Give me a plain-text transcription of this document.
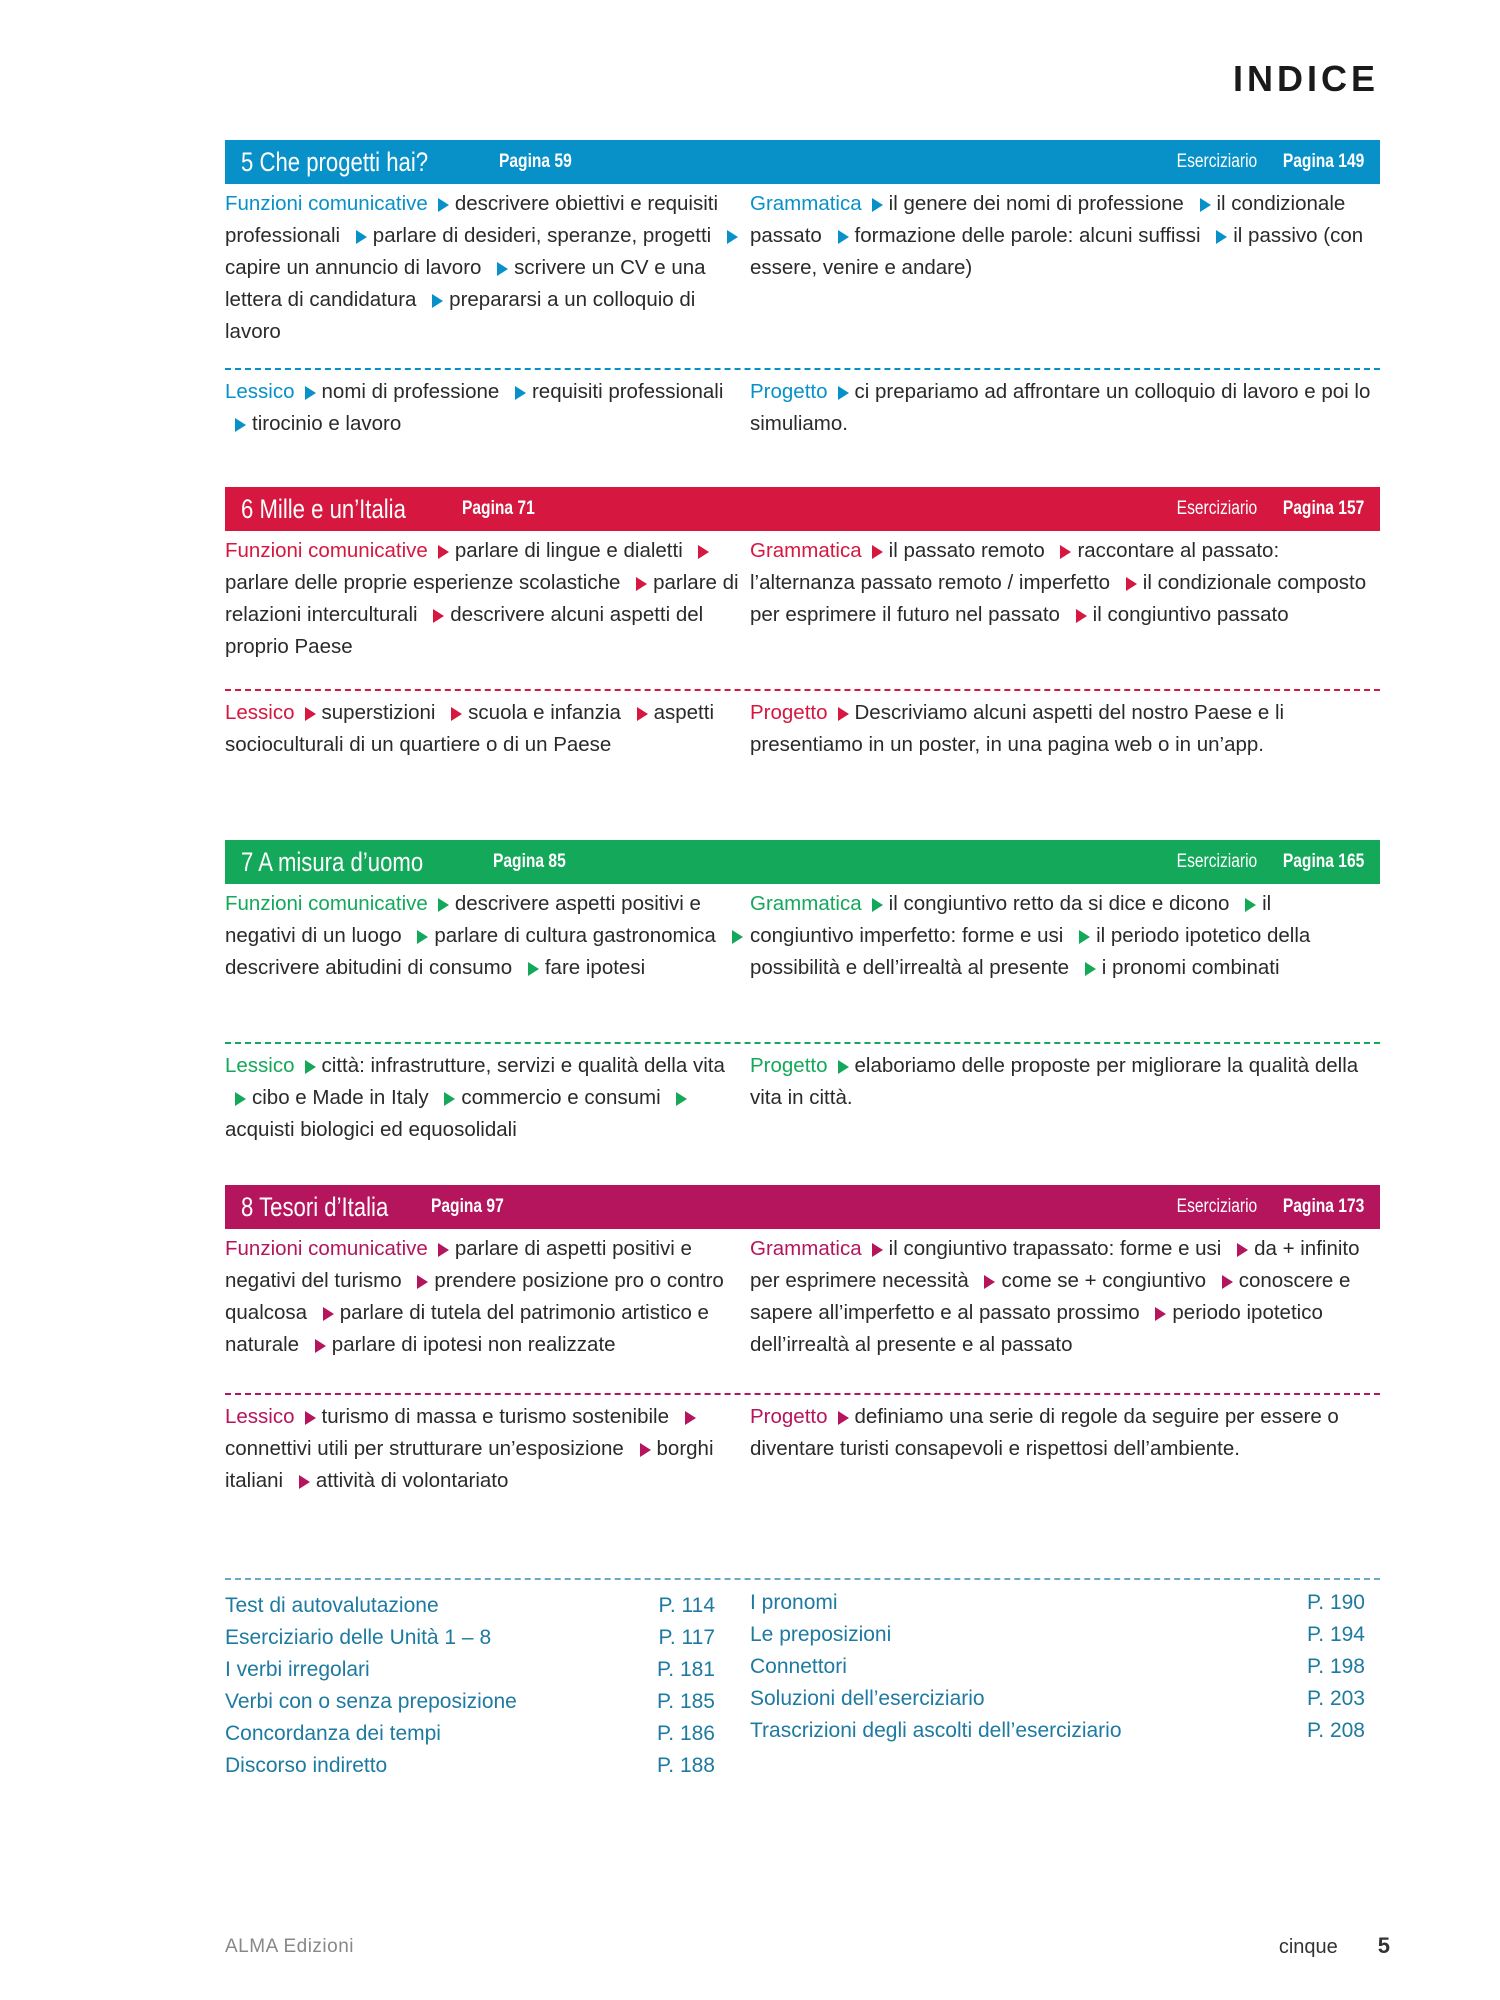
INDICE
5 Che progetti hai?	Pagina 59	Eserciziario Pagina 149
Funzioni comunicative descrivere obiettivi e requisiti professionali parlare di desideri, speranze, progetti capire un annuncio di lavoro scrivere un CV e una lettera di candidatura prepararsi a un colloquio di lavoro
Grammatica il genere dei nomi di professione il condizionale passato formazione delle parole: alcuni suffissi il passivo (con essere, venire e andare)
Lessico nomi di professione requisiti professionali tirocinio e lavoro
Progetto ci prepariamo ad affrontare un colloquio di lavoro e poi lo simuliamo.
6 Mille e un’Italia	Pagina 71	Eserciziario Pagina 157
Funzioni comunicative parlare di lingue e dialetti parlare delle proprie esperienze scolastiche parlare di relazioni interculturali descrivere alcuni aspetti del proprio Paese
Grammatica il passato remoto raccontare al passato: l’alternanza passato remoto / imperfetto il condizionale composto per esprimere il futuro nel passato il congiuntivo passato
Lessico superstizioni scuola e infanzia aspetti socioculturali di un quartiere o di un Paese
Progetto Descriviamo alcuni aspetti del nostro Paese e li presentiamo in un poster, in una pagina web o in un’app.
7 A misura d’uomo	Pagina 85	Eserciziario Pagina 165
Funzioni comunicative descrivere aspetti positivi e negativi di un luogo parlare di cultura gastronomica descrivere abitudini di consumo fare ipotesi
Grammatica il congiuntivo retto da si dice e dicono il congiuntivo imperfetto: forme e usi il periodo ipotetico della possibilità e dell’irrealtà al presente i pronomi combinati
Lessico città: infrastrutture, servizi e qualità della vita cibo e Made in Italy commercio e consumi acquisti biologici ed equosolidali
Progetto elaboriamo delle proposte per migliorare la qualità della vita in città.
8 Tesori d’Italia Pagina 97	Eserciziario Pagina 173
Funzioni comunicative parlare di aspetti positivi e negativi del turismo prendere posizione pro o contro qualcosa parlare di tutela del patrimonio artistico e naturale parlare di ipotesi non realizzate
Grammatica il congiuntivo trapassato: forme e usi da + infinito per esprimere necessità come se + congiuntivo conoscere e sapere all’imperfetto e al passato prossimo periodo ipotetico dell’irrealtà al presente e al passato
Lessico turismo di massa e turismo sostenibile connettivi utili per strutturare un’esposizione borghi italiani attività di volontariato
Progetto definiamo una serie di regole da seguire per essere o diventare turisti consapevoli e rispettosi dell’ambiente.
Test di autovalutazione	P. 114
Eserciziario delle Unità 1 – 8	P. 117
I verbi irregolari	P. 181
Verbi con o senza preposizione	P. 185
Concordanza dei tempi	P. 186
Discorso indiretto	P. 188
I pronomi	P. 190
Le preposizioni	P. 194
Connettori	P. 198
Soluzioni dell’eserciziario	P. 203
Trascrizioni degli ascolti dell’eserciziario	P. 208
ALMA Edizioni	cinque 5
